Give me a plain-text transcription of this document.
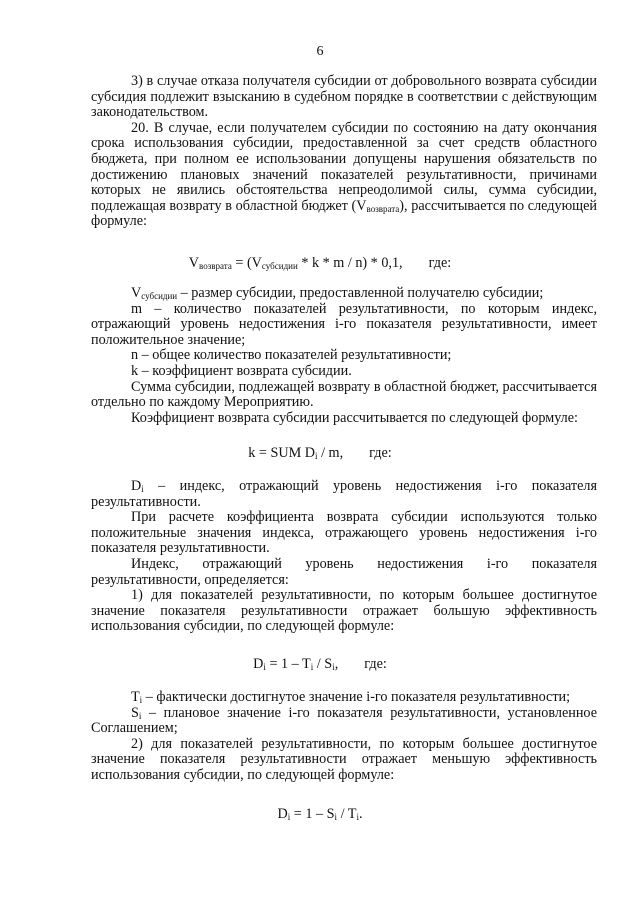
6

3) в случае отказа получателя субсидии от добровольного возврата субсидии субсидия подлежит взысканию в судебном порядке в соответствии с действующим законодательством.

20. В случае, если получателем субсидии по состоянию на дату окончания срока использования субсидии, предоставленной за счет средств областного бюджета, при полном ее использовании допущены нарушения обязательств по достижению плановых значений показателей результативности, причинами которых не явились обстоятельства непреодолимой силы, сумма субсидии, подлежащая возврату в областной бюджет $(V_{возврата})$, рассчитывается по следующей формуле:

$V_{возврата} = (V_{субсидии} * k * m / n) * 0,1$, где:

$V_{субсидии}$ – размер субсидии, предоставленной получателю субсидии;

m – количество показателей результативности, по которым индекс, отражающий уровень недостижения i-го показателя результативности, имеет положительное значение;

n – общее количество показателей результативности;

k – коэффициент возврата субсидии.

Сумма субсидии, подлежащей возврату в областной бюджет, рассчитывается отдельно по каждому Мероприятию.

Коэффициент возврата субсидии рассчитывается по следующей формуле:

k = SUM $D_i$ / m, где:

$D_i$ – индекс, отражающий уровень недостижения i-го показателя результативности.

При расчете коэффициента возврата субсидии используются только положительные значения индекса, отражающего уровень недостижения i-го показателя результативности.

Индекс, отражающий уровень недостижения i-го показателя результативности, определяется:

1) для показателей результативности, по которым большее достигнутое значение показателя результативности отражает большую эффективность использования субсидии, по следующей формуле:

$D_i = 1 - T_i / S_i$, где:

$T_i$ – фактически достигнутое значение i-го показателя результативности;

$S_i$ – плановое значение i-го показателя результативности, установленное Соглашением;

2) для показателей результативности, по которым большее достигнутое значение показателя результативности отражает меньшую эффективность использования субсидии, по следующей формуле:

$D_i = 1 - S_i / T_i$.
